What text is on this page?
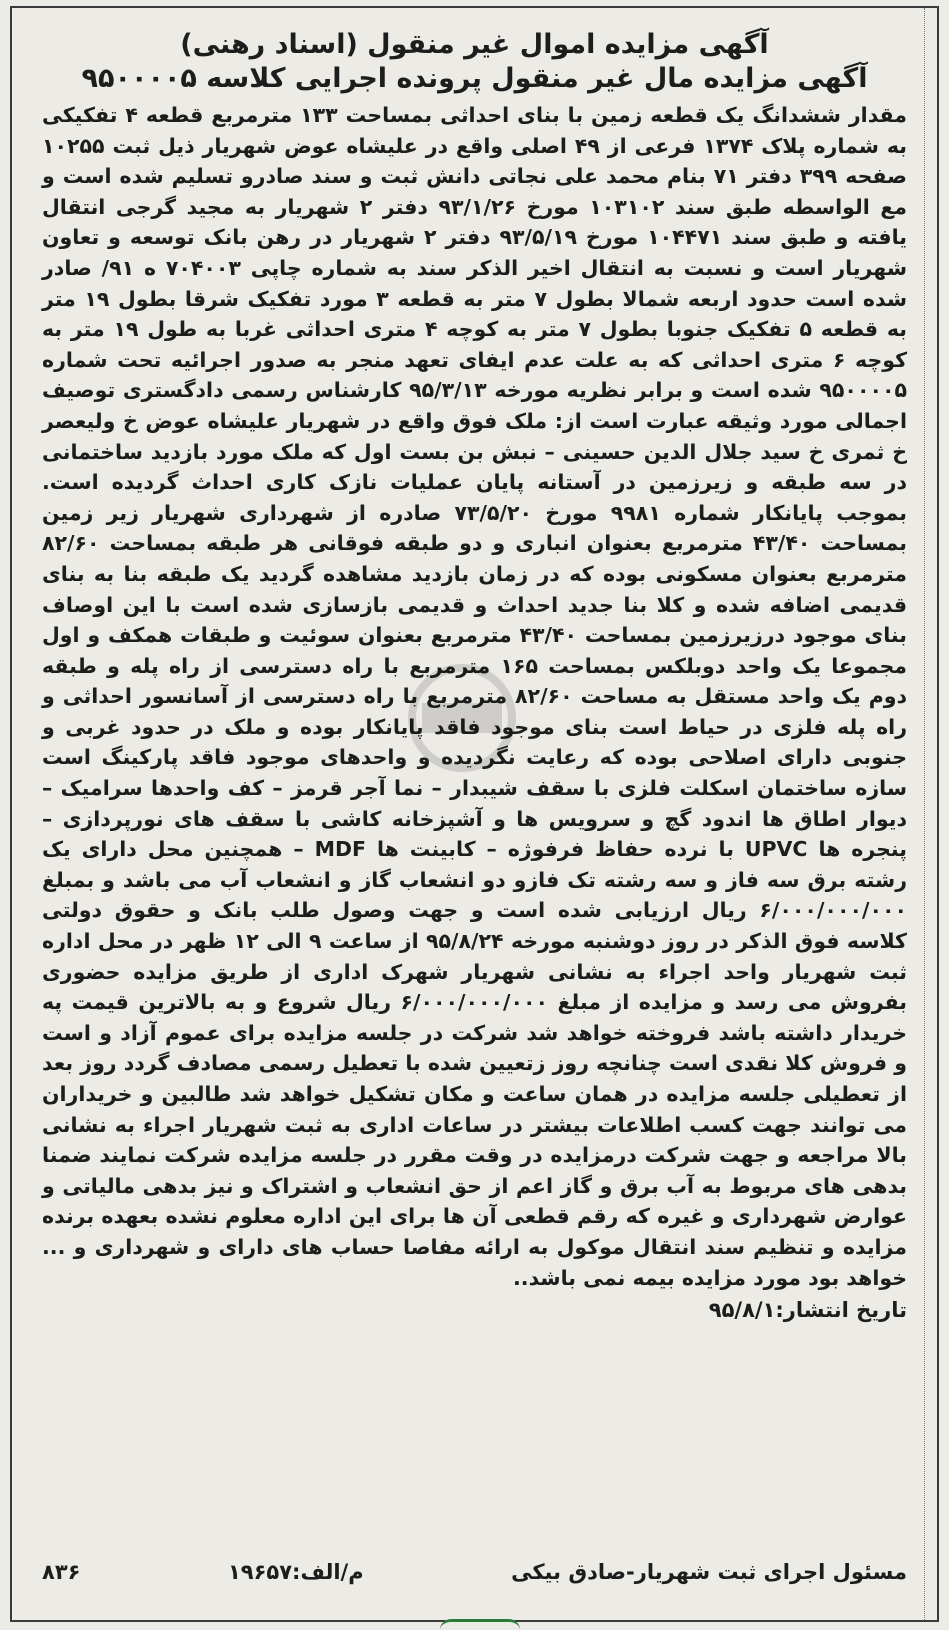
آگهی مزایده اموال غیر منقول (اسناد رهنی)
آگهی مزایده مال غیر منقول پرونده اجرایی کلاسه ۹۵۰۰۰۰۵

مقدار ششدانگ یک قطعه زمین با بنای احداثی بمساحت ۱۳۳ مترمربع قطعه ۴ تفکیکی به شماره پلاک ۱۳۷۴ فرعی از ۴۹ اصلی واقع در علیشاه عوض شهریار ذیل ثبت ۱۰۲۵۵ صفحه ۳۹۹ دفتر ۷۱ بنام محمد علی نجاتی دانش ثبت و سند صادرو تسلیم شده است و مع الواسطه طبق سند ۱۰۳۱۰۲ مورخ ۹۳/۱/۲۶ دفتر ۲ شهریار به مجید گرجی انتقال یافته و طبق سند ۱۰۴۴۷۱ مورخ ۹۳/۵/۱۹ دفتر ۲ شهریار در رهن بانک توسعه و تعاون شهریار است و نسبت به انتقال اخیر الذکر سند به شماره چاپی ۷۰۴۰۰۳ ه ۹۱/ صادر شده است حدود اربعه شمالا بطول ۷ متر به قطعه ۳ مورد تفکیک شرقا بطول ۱۹ متر به قطعه ۵ تفکیک جنوبا بطول ۷ متر به کوچه ۴ متری احداثی غربا به طول ۱۹ متر به کوچه ۶ متری احداثی که به علت عدم ایفای تعهد منجر به صدور اجرائیه تحت شماره ۹۵۰۰۰۰۵ شده است و برابر نظریه مورخه ۹۵/۳/۱۳ کارشناس رسمی دادگستری توصیف اجمالی مورد وثیقه عبارت است از: ملک فوق واقع در شهریار علیشاه عوض خ ولیعصر خ ثمری خ سید جلال الدین حسینی – نبش بن بست اول که ملک مورد بازدید ساختمانی در سه طبقه و زیرزمین در آستانه پایان عملیات نازک کاری احداث گردیده است. بموجب پایانکار شماره ۹۹۸۱ مورخ ۷۳/۵/۲۰ صادره از شهرداری شهریار زیر زمین بمساحت ۴۳/۴۰ مترمربع بعنوان انباری و دو طبقه فوقانی هر طبقه بمساحت ۸۲/۶۰ مترمربع بعنوان مسکونی بوده که در زمان بازدید مشاهده گردید یک طبقه بنا به بنای قدیمی اضافه شده و کلا بنا جدید احداث و قدیمی بازسازی شده است با این اوصاف بنای موجود درزیرزمین بمساحت ۴۳/۴۰ مترمربع بعنوان سوئیت و طبقات همکف و اول مجموعا یک واحد دوبلکس بمساحت ۱۶۵ مترمربع با راه دسترسی از راه پله و طبقه دوم یک واحد مستقل به مساحت ۸۲/۶۰ مترمربع با راه دسترسی از آسانسور احداثی و راه پله فلزی در حیاط است بنای موجود فاقد پایانکار بوده و ملک در حدود غربی و جنوبی دارای اصلاحی بوده که رعایت نگردیده و واحدهای موجود فاقد پارکینگ است سازه ساختمان اسکلت فلزی با سقف شیبدار – نما آجر قرمز – کف واحدها سرامیک – دیوار اطاق ها اندود گچ و سرویس ها و آشپزخانه کاشی با سقف های نورپردازی – پنجره ها UPVC با نرده حفاظ فرفوژه – کابینت ها MDF – همچنین محل دارای یک رشته برق سه فاز و سه رشته تک فازو دو انشعاب گاز و انشعاب آب می باشد و بمبلغ ۶/۰۰۰/۰۰۰/۰۰۰ ریال ارزیابی شده است و جهت وصول طلب بانک و حقوق دولتی کلاسه فوق الذکر در روز دوشنبه مورخه ۹۵/۸/۲۴ از ساعت ۹ الی ۱۲ ظهر در محل اداره ثبت شهریار واحد اجراء به نشانی شهریار شهرک اداری از طریق مزایده حضوری بفروش می رسد و مزایده از مبلغ ۶/۰۰۰/۰۰۰/۰۰۰ ریال شروع و به بالاترین قیمت په خریدار داشته باشد فروخته خواهد شد شرکت در جلسه مزایده برای عموم آزاد و است و فروش کلا نقدی است چنانچه روز زتعیین شده با تعطیل رسمی مصادف گردد روز بعد از تعطیلی جلسه مزایده در همان ساعت و مکان تشکیل خواهد شد طالبین و خریداران می توانند جهت کسب اطلاعات بیشتر در ساعات اداری به ثبت شهریار اجراء به نشانی بالا مراجعه و جهت شرکت درمزایده در وقت مقرر در جلسه مزایده شرکت نمایند ضمنا بدهی های مربوط به آب برق و گاز اعم از حق انشعاب و اشتراک و نیز بدهی مالیاتی و عوارض شهرداری و غیره که رقم قطعی آن ها برای این اداره معلوم نشده بعهده برنده مزایده و تنظیم سند انتقال موکول به ارائه مفاصا حساب های دارای و شهرداری و ... خواهد بود مورد مزایده بیمه نمی باشد..

تاریخ انتشار:۹۵/۸/۱
مسئول اجرای ثبت شهریار-صادق بیکی
م/الف:۱۹۶۵۷
۸۳۶
